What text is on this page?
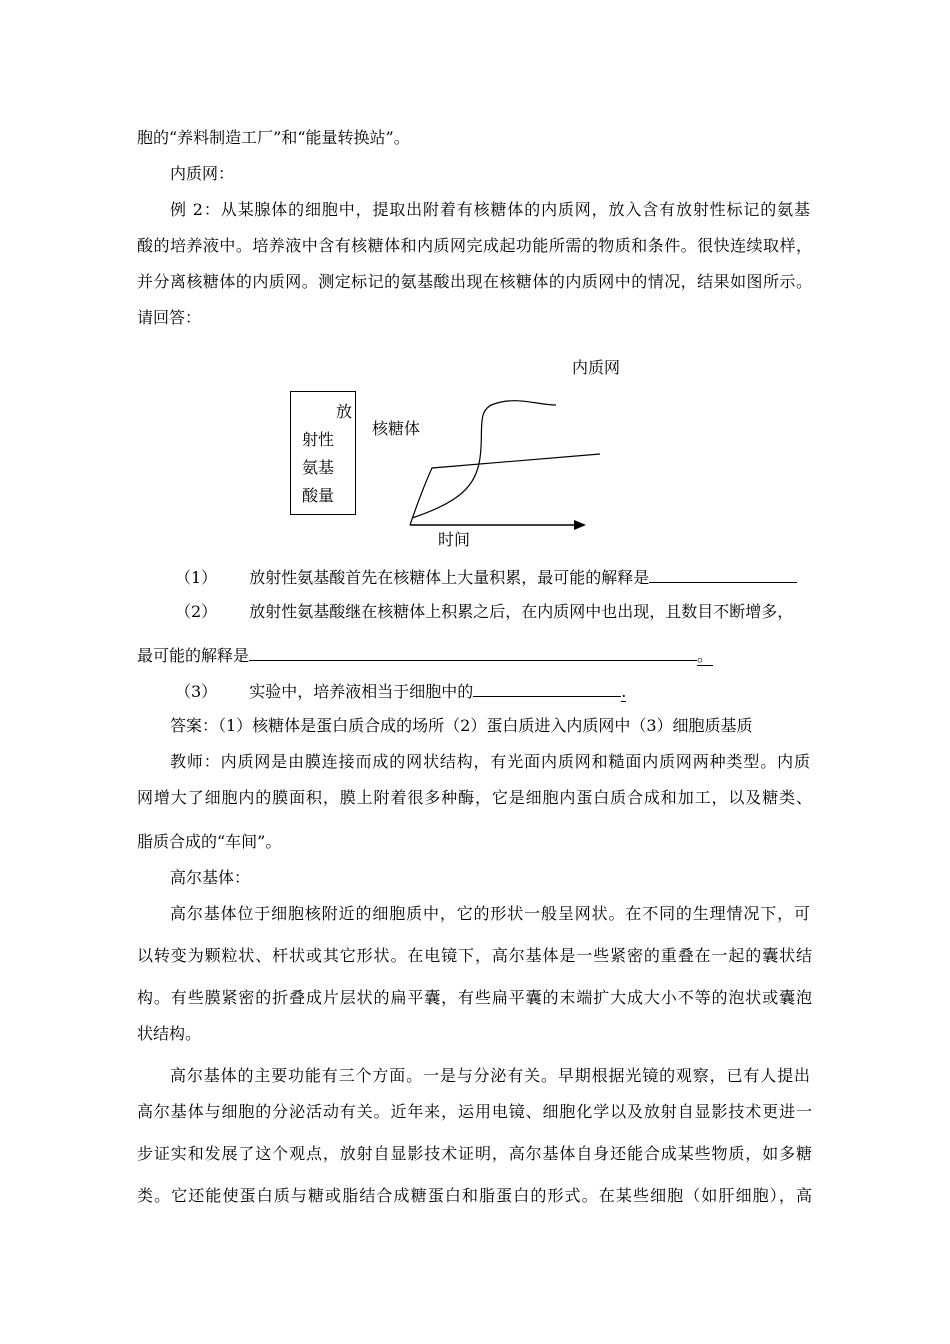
胞的“养料制造工厂”和“能量转换站”。
内质网：
例 2：从某腺体的细胞中，提取出附着有核糖体的内质网，放入含有放射性标记的氨基
酸的培养液中。培养液中含有核糖体和内质网完成起功能所需的物质和条件。很快连续取样，
并分离核糖体的内质网。测定标记的氨基酸出现在核糖体的内质网中的情况，结果如图所示。
请回答：
放
射性
氨基
酸量
内质网
核糖体
时间
（1） 放射性氨基酸首先在核糖体上大量积累，最可能的解释是
（2） 放射性氨基酸继在核糖体上积累之后，在内质网中也出现，且数目不断增多，
最可能的解释是	。
（3） 实验中，培养液相当于细胞中的	.
答案：（1）核糖体是蛋白质合成的场所（2）蛋白质进入内质网中（3）细胞质基质
教师：内质网是由膜连接而成的网状结构，有光面内质网和糙面内质网两种类型。内质
网增大了细胞内的膜面积，膜上附着很多种酶，它是细胞内蛋白质合成和加工，以及糖类、
脂质合成的“车间”。
高尔基体：
高尔基体位于细胞核附近的细胞质中，它的形状一般呈网状。在不同的生理情况下，可
以转变为颗粒状、杆状或其它形状。在电镜下，高尔基体是一些紧密的重叠在一起的囊状结
构。有些膜紧密的折叠成片层状的扁平囊，有些扁平囊的末端扩大成大小不等的泡状或囊泡
状结构。
高尔基体的主要功能有三个方面。一是与分泌有关。早期根据光镜的观察，已有人提出
高尔基体与细胞的分泌活动有关。近年来，运用电镜、细胞化学以及放射自显影技术更进一
步证实和发展了这个观点，放射自显影技术证明，高尔基体自身还能合成某些物质，如多糖
类。它还能使蛋白质与糖或脂结合成糖蛋白和脂蛋白的形式。在某些细胞（如肝细胞），高
